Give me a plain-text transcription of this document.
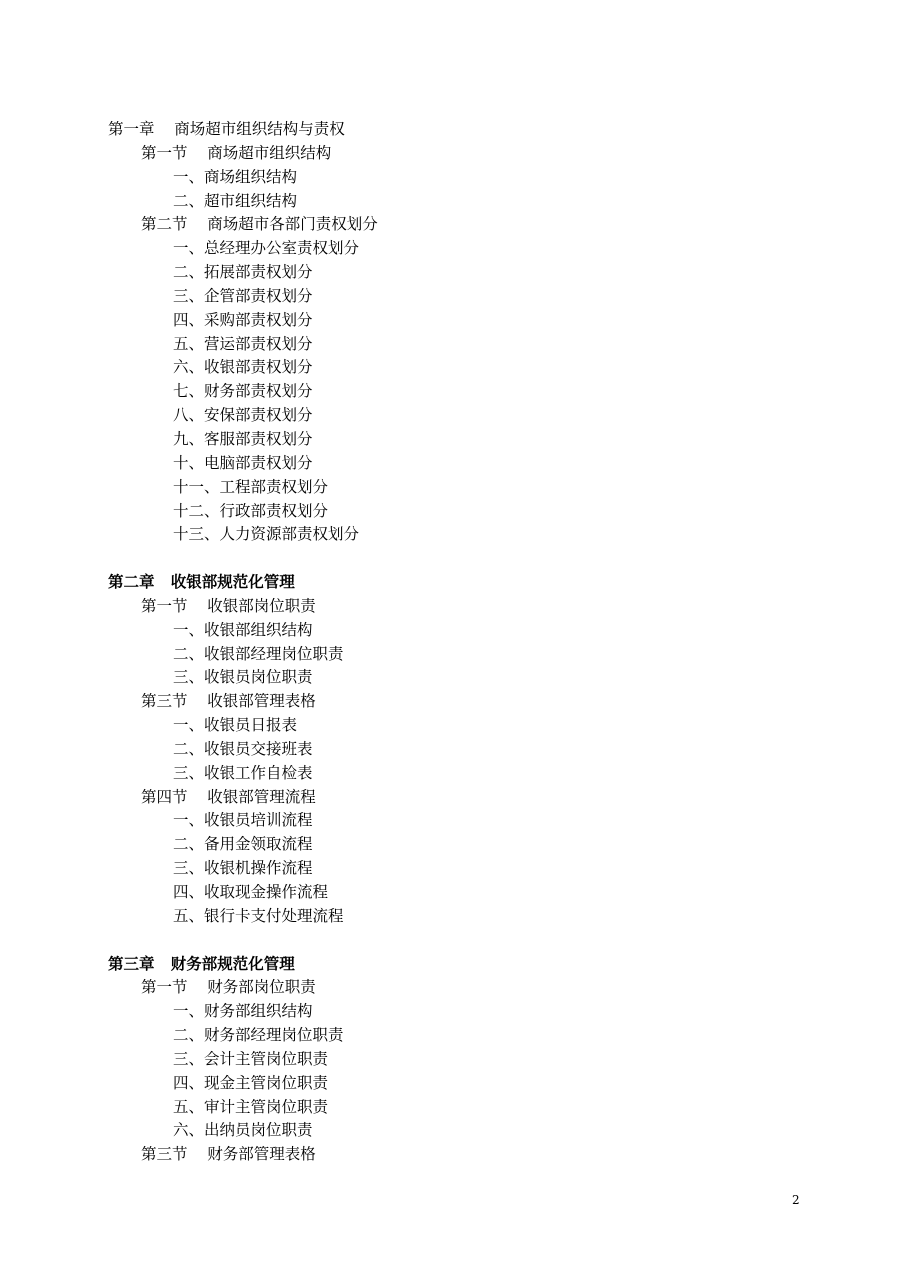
第一章    商场超市组织结构与责权
第一节    商场超市组织结构
一、商场组织结构
二、超市组织结构
第二节    商场超市各部门责权划分
一、总经理办公室责权划分
二、拓展部责权划分
三、企管部责权划分
四、采购部责权划分
五、营运部责权划分
六、收银部责权划分
七、财务部责权划分
八、安保部责权划分
九、客服部责权划分
十、电脑部责权划分
十一、工程部责权划分
十二、行政部责权划分
十三、人力资源部责权划分
第二章   收银部规范化管理
第一节    收银部岗位职责
一、收银部组织结构
二、收银部经理岗位职责
三、收银员岗位职责
第三节    收银部管理表格
一、收银员日报表
二、收银员交接班表
三、收银工作自检表
第四节    收银部管理流程
一、收银员培训流程
二、备用金领取流程
三、收银机操作流程
四、收取现金操作流程
五、银行卡支付处理流程
第三章   财务部规范化管理
第一节    财务部岗位职责
一、财务部组织结构
二、财务部经理岗位职责
三、会计主管岗位职责
四、现金主管岗位职责
五、审计主管岗位职责
六、出纳员岗位职责
第三节    财务部管理表格
2
